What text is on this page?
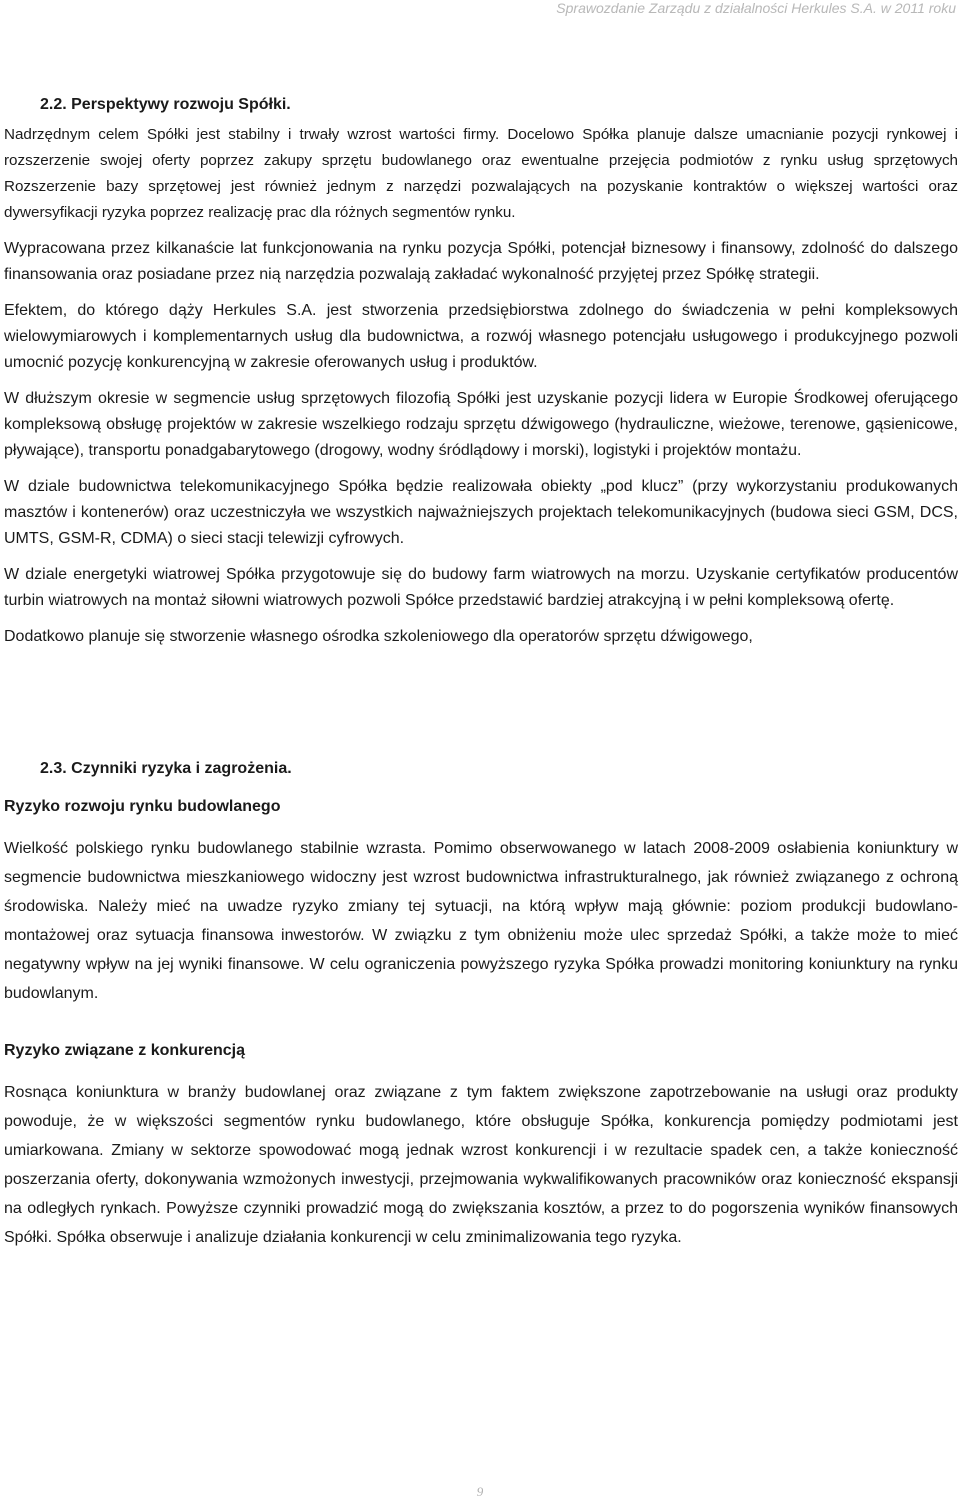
Sprawozdanie Zarządu z działalności Herkules S.A. w 2011 roku
2.2. Perspektywy rozwoju Spółki.

Nadrzędnym celem Spółki jest stabilny i trwały wzrost wartości firmy. Docelowo Spółka planuje dalsze umacnianie pozycji rynkowej i rozszerzenie swojej oferty poprzez zakupy sprzętu budowlanego oraz ewentualne przejęcia podmiotów z rynku usług sprzętowych Rozszerzenie bazy sprzętowej jest również jednym z narzędzi pozwalających na pozyskanie kontraktów o większej wartości oraz dywersyfikacji ryzyka poprzez realizację prac dla różnych segmentów rynku.

Wypracowana przez kilkanaście lat funkcjonowania na rynku pozycja Spółki, potencjał biznesowy i finansowy, zdolność do dalszego finansowania oraz posiadane przez nią narzędzia pozwalają zakładać wykonalność przyjętej przez Spółkę strategii.

Efektem, do którego dąży Herkules S.A. jest stworzenia przedsiębiorstwa zdolnego do świadczenia w pełni kompleksowych wielowymiarowych i komplementarnych usług dla budownictwa, a rozwój własnego potencjału usługowego i produkcyjnego pozwoli umocnić pozycję konkurencyjną w zakresie oferowanych usług i produktów.

W dłuższym okresie w segmencie usług sprzętowych filozofią Spółki jest uzyskanie pozycji lidera w Europie Środkowej oferującego kompleksową obsługę projektów w zakresie wszelkiego rodzaju sprzętu dźwigowego (hydrauliczne, wieżowe, terenowe, gąsienicowe, pływające), transportu ponadgabarytowego (drogowy, wodny śródlądowy i morski), logistyki i projektów montażu.

W dziale budownictwa telekomunikacyjnego Spółka będzie realizowała obiekty „pod klucz” (przy wykorzystaniu produkowanych masztów i kontenerów) oraz uczestniczyła we wszystkich najważniejszych projektach telekomunikacyjnych (budowa sieci GSM, DCS, UMTS, GSM-R, CDMA) o sieci stacji telewizji cyfrowych.

W dziale energetyki wiatrowej Spółka przygotowuje się do budowy farm wiatrowych na morzu. Uzyskanie certyfikatów producentów turbin wiatrowych na montaż siłowni wiatrowych pozwoli Spółce przedstawić bardziej atrakcyjną i w pełni kompleksową ofertę.

Dodatkowo planuje się stworzenie własnego ośrodka szkoleniowego dla operatorów sprzętu dźwigowego,

2.3. Czynniki ryzyka i zagrożenia.
Ryzyko rozwoju rynku budowlanego

Wielkość polskiego rynku budowlanego stabilnie wzrasta. Pomimo obserwowanego w latach 2008-2009 osłabienia koniunktury w segmencie budownictwa mieszkaniowego widoczny jest wzrost budownictwa infrastrukturalnego, jak również związanego z ochroną środowiska. Należy mieć na uwadze ryzyko zmiany tej sytuacji, na którą wpływ mają głównie: poziom produkcji budowlano-montażowej oraz sytuacja finansowa inwestorów. W związku z tym obniżeniu może ulec sprzedaż Spółki, a także może to mieć negatywny wpływ na jej wyniki finansowe. W celu ograniczenia powyższego ryzyka Spółka prowadzi monitoring koniunktury na rynku budowlanym.

Ryzyko związane z konkurencją

Rosnąca koniunktura w branży budowlanej oraz związane z tym faktem zwiększone zapotrzebowanie na usługi oraz produkty powoduje, że w większości segmentów rynku budowlanego, które obsługuje Spółka, konkurencja pomiędzy podmiotami jest umiarkowana. Zmiany w sektorze spowodować mogą jednak wzrost konkurencji i w rezultacie spadek cen, a także konieczność poszerzania oferty, dokonywania wzmożonych inwestycji, przejmowania wykwalifikowanych pracowników oraz konieczność ekspansji na odległych rynkach. Powyższe czynniki prowadzić mogą do zwiększania kosztów, a przez to do pogorszenia wyników finansowych Spółki. Spółka obserwuje i analizuje działania konkurencji w celu zminimalizowania tego ryzyka.

9
